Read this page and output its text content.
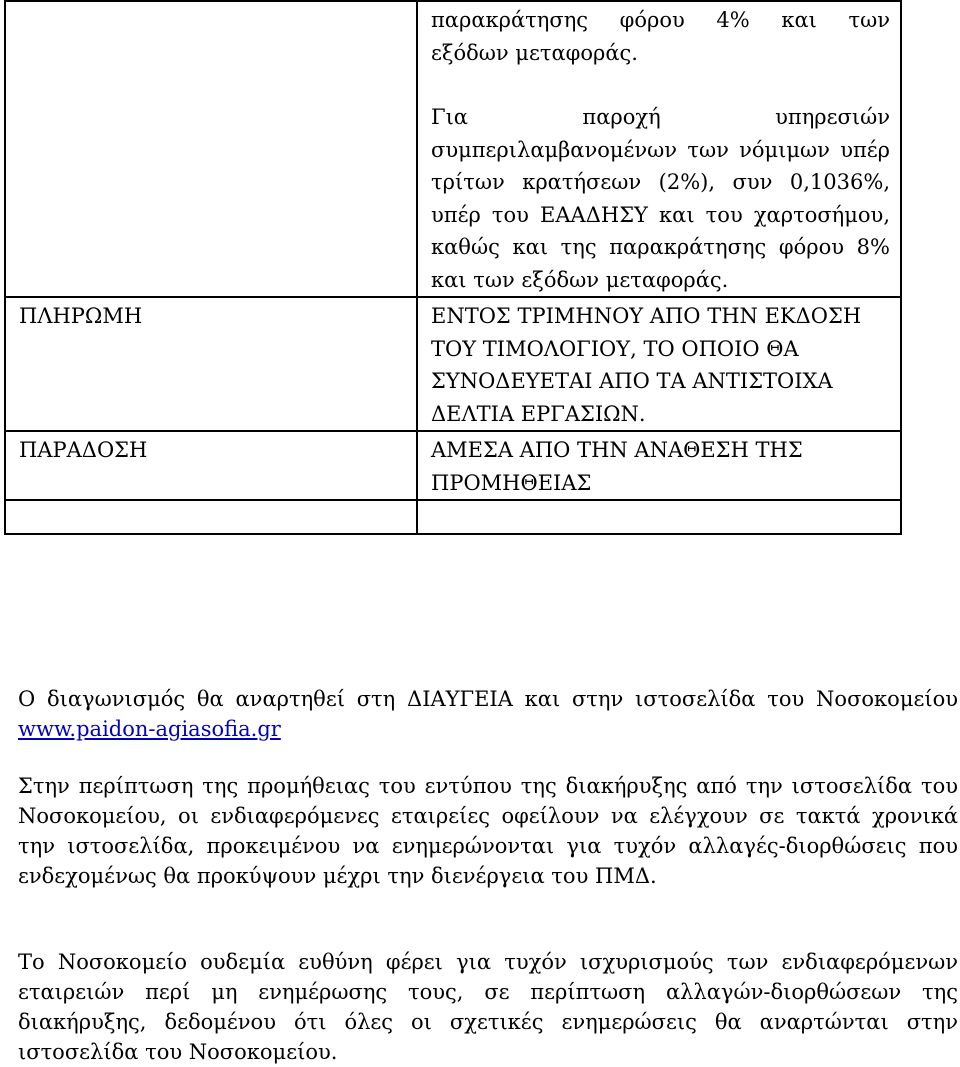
	παρακράτησης φόρου 4% και των
εξόδων μεταφοράς.
Για παροχή υπηρεσιών συμπεριλαμβανομένων των νόμιμων υπέρ τρίτων κρατήσεων (2%), συν 0,1036%, υπέρ του ΕΑΑΔΗΣΥ και του χαρτοσήμου, καθώς και της παρακράτησης φόρου 8% και των εξόδων μεταφοράς.

ΠΛΗΡΩΜΗ	ΕΝΤΟΣ ΤΡΙΜΗΝΟΥ ΑΠΟ ΤΗΝ ΕΚΔΟΣΗ ΤΟΥ ΤΙΜΟΛΟΓΙΟΥ, ΤΟ ΟΠΟΙΟ ΘΑ ΣΥΝΟΔΕΥΕΤΑΙ ΑΠΟ ΤΑ ΑΝΤΙΣΤΟΙΧΑ ΔΕΛΤΙΑ ΕΡΓΑΣΙΩΝ.

ΠΑΡΑΔΟΣΗ	ΑΜΕΣΑ ΑΠΟ ΤΗΝ ΑΝΑΘΕΣΗ ΤΗΣ ΠΡΟΜΗΘΕΙΑΣ

Ο διαγωνισμός θα αναρτηθεί στη ΔΙΑΥΓΕΙΑ και στην ιστοσελίδα του Νοσοκομείου www.paidon-agiasofia.gr

Στην περίπτωση της προμήθειας του εντύπου της διακήρυξης από την ιστοσελίδα του Νοσοκομείου, οι ενδιαφερόμενες εταιρείες οφείλουν να ελέγχουν σε τακτά χρονικά την ιστοσελίδα, προκειμένου να ενημερώνονται για τυχόν αλλαγές-διορθώσεις που ενδεχομένως θα προκύψουν μέχρι την διενέργεια του ΠΜΔ.

Το Νοσοκομείο ουδεμία ευθύνη φέρει για τυχόν ισχυρισμούς των ενδιαφερόμενων εταιρειών περί μη ενημέρωσης τους, σε περίπτωση αλλαγών-διορθώσεων της διακήρυξης, δεδομένου ότι όλες οι σχετικές ενημερώσεις θα αναρτώνται στην ιστοσελίδα του Νοσοκομείου.
